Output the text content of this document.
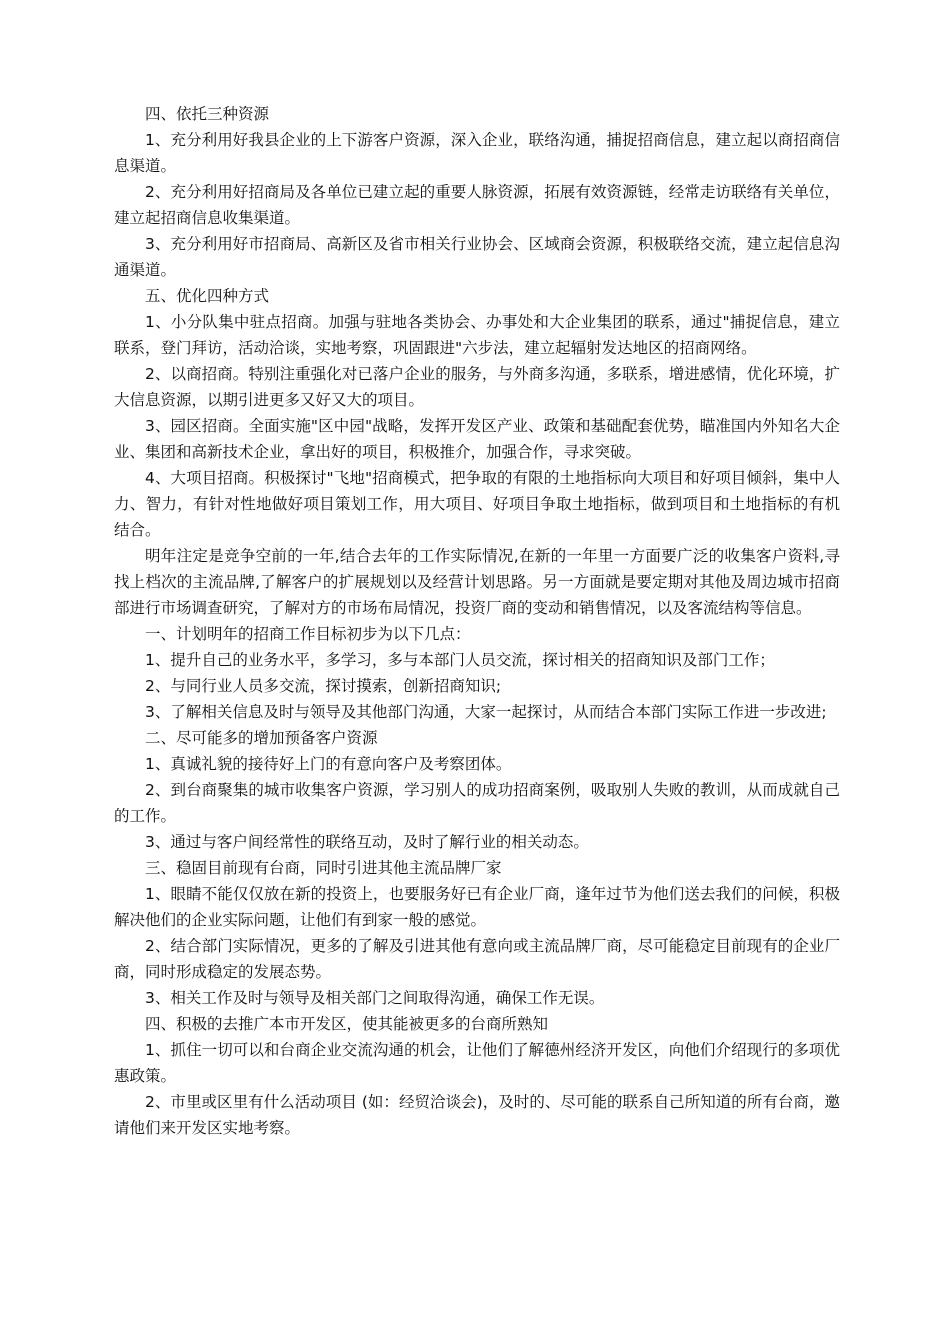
四、依托三种资源

1、充分利用好我县企业的上下游客户资源，深入企业，联络沟通，捕捉招商信息，建立起以商招商信息渠道。

2、充分利用好招商局及各单位已建立起的重要人脉资源，拓展有效资源链，经常走访联络有关单位，建立起招商信息收集渠道。

3、充分利用好市招商局、高新区及省市相关行业协会、区域商会资源，积极联络交流，建立起信息沟通渠道。

五、优化四种方式

1、小分队集中驻点招商。加强与驻地各类协会、办事处和大企业集团的联系，通过"捕捉信息，建立联系，登门拜访，活动洽谈，实地考察，巩固跟进"六步法，建立起辐射发达地区的招商网络。

2、以商招商。特别注重强化对已落户企业的服务，与外商多沟通，多联系，增进感情，优化环境，扩大信息资源，以期引进更多又好又大的项目。

3、园区招商。全面实施"区中园"战略，发挥开发区产业、政策和基础配套优势，瞄准国内外知名大企业、集团和高新技术企业，拿出好的项目，积极推介，加强合作，寻求突破。

4、大项目招商。积极探讨"飞地"招商模式，把争取的有限的土地指标向大项目和好项目倾斜，集中人力、智力，有针对性地做好项目策划工作，用大项目、好项目争取土地指标，做到项目和土地指标的有机结合。

明年注定是竞争空前的一年,结合去年的工作实际情况,在新的一年里一方面要广泛的收集客户资料,寻找上档次的主流品牌,了解客户的扩展规划以及经营计划思路。另一方面就是要定期对其他及周边城市招商部进行市场调查研究，了解对方的市场布局情况，投资厂商的变动和销售情况，以及客流结构等信息。

一、计划明年的招商工作目标初步为以下几点：

1、提升自己的业务水平，多学习，多与本部门人员交流，探讨相关的招商知识及部门工作；

2、与同行业人员多交流，探讨摸索，创新招商知识;

3、了解相关信息及时与领导及其他部门沟通，大家一起探讨，从而结合本部门实际工作进一步改进;

二、尽可能多的增加预备客户资源

1、真诚礼貌的接待好上门的有意向客户及考察团体。

2、到台商聚集的城市收集客户资源，学习别人的成功招商案例，吸取别人失败的教训，从而成就自己的工作。

3、通过与客户间经常性的联络互动，及时了解行业的相关动态。

三、稳固目前现有台商，同时引进其他主流品牌厂家

1、眼睛不能仅仅放在新的投资上，也要服务好已有企业厂商，逢年过节为他们送去我们的问候，积极解决他们的企业实际问题，让他们有到家一般的感觉。

2、结合部门实际情况，更多的了解及引进其他有意向或主流品牌厂商，尽可能稳定目前现有的企业厂商，同时形成稳定的发展态势。

3、相关工作及时与领导及相关部门之间取得沟通，确保工作无误。

四、积极的去推广本市开发区，使其能被更多的台商所熟知

1、抓住一切可以和台商企业交流沟通的机会，让他们了解德州经济开发区，向他们介绍现行的多项优惠政策。

2、市里或区里有什么活动项目 (如：经贸洽谈会)，及时的、尽可能的联系自己所知道的所有台商，邀请他们来开发区实地考察。
